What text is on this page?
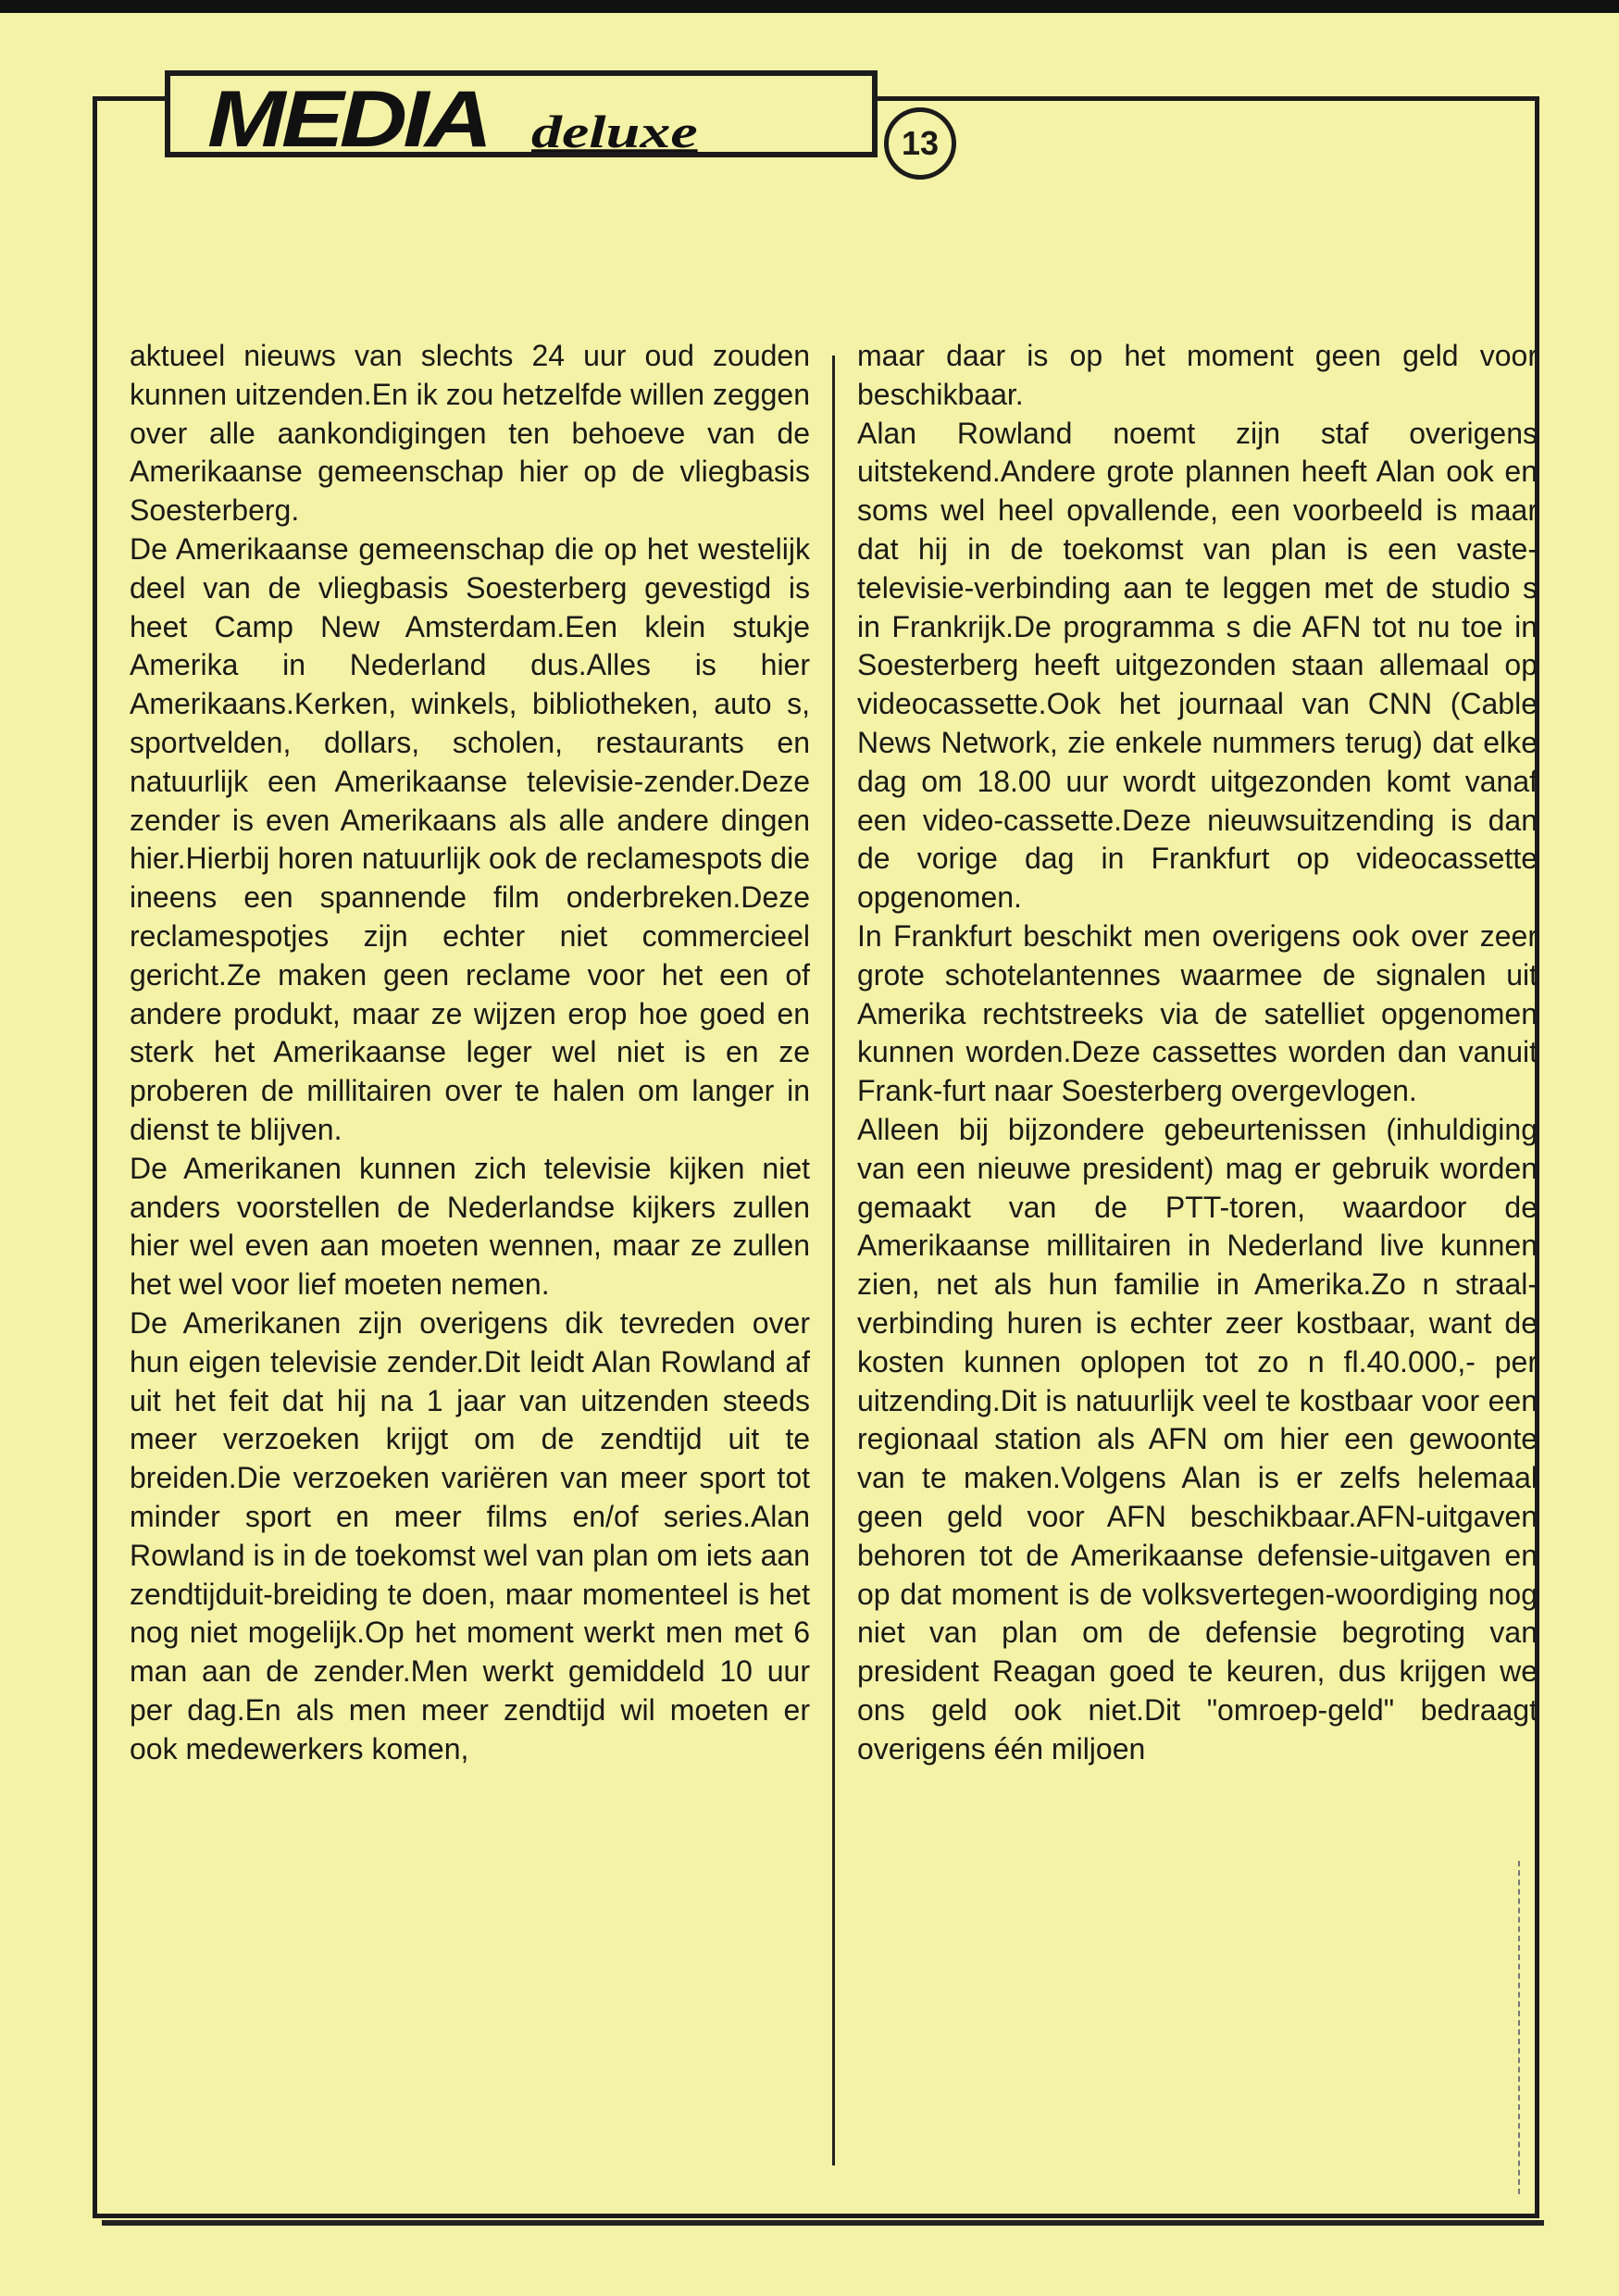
MEDIA deluxe	13

aktueel nieuws van slechts 24 uur oud zouden kunnen uitzenden.En ik zou hetzelfde willen zeggen over alle aankondigingen ten behoeve van de Amerikaanse gemeenschap hier op de vliegbasis Soesterberg.

De Amerikaanse gemeenschap die op het westelijk deel van de vliegbasis Soesterberg gevestigd is heet Camp New Amsterdam.Een klein stukje Amerika in Nederland dus.Alles is hier Amerikaans.Kerken, winkels, bibliotheken, auto s, sportvelden, dollars, scholen, restaurants en natuurlijk een Amerikaanse televisie-zender.Deze zender is even Amerikaans als alle andere dingen hier.Hierbij horen natuurlijk ook de reclamespots die ineens een spannende film onderbreken.Deze reclamespotjes zijn echter niet commercieel gericht.Ze maken geen reclame voor het een of andere produkt, maar ze wijzen erop hoe goed en sterk het Amerikaanse leger wel niet is en ze proberen de millitairen over te halen om langer in dienst te blijven.

De Amerikanen kunnen zich televisie kijken niet anders voorstellen de Nederlandse kijkers zullen hier wel even aan moeten wennen, maar ze zullen het wel voor lief moeten nemen.

De Amerikanen zijn overigens dik tevreden over hun eigen televisie zender.Dit leidt Alan Rowland af uit het feit dat hij na 1 jaar van uitzenden steeds meer verzoeken krijgt om de zendtijd uit te breiden.Die verzoeken variëren van meer sport tot minder sport en meer films en/of series.Alan Rowland is in de toekomst wel van plan om iets aan zendtijduit-breiding te doen, maar momenteel is het nog niet mogelijk.Op het moment werkt men met 6 man aan de zender.Men werkt gemiddeld 10 uur per dag.En als men meer zendtijd wil moeten er ook medewerkers komen,

maar daar is op het moment geen geld voor beschikbaar.

Alan Rowland noemt zijn staf overigens uitstekend.Andere grote plannen heeft Alan ook en soms wel heel opvallende, een voorbeeld is maar dat hij in de toekomst van plan is een vaste-televisie-verbinding aan te leggen met de studio s in Frankrijk.De programma s die AFN tot nu toe in Soesterberg heeft uitgezonden staan allemaal op videocassette.Ook het journaal van CNN (Cable News Network, zie enkele nummers terug) dat elke dag om 18.00 uur wordt uitgezonden komt vanaf een video-cassette.Deze nieuwsuitzending is dan de vorige dag in Frankfurt op videocassette opgenomen.

In Frankfurt beschikt men overigens ook over zeer grote schotelantennes waarmee de signalen uit Amerika rechtstreeks via de satelliet opgenomen kunnen worden.Deze cassettes worden dan vanuit Frank-furt naar Soesterberg overgevlogen.

Alleen bij bijzondere gebeurtenissen (inhuldiging van een nieuwe president) mag er gebruik worden gemaakt van de PTT-toren, waardoor de Amerikaanse millitairen in Nederland live kunnen zien, net als hun familie in Amerika.Zo n straal-verbinding huren is echter zeer kostbaar, want de kosten kunnen oplopen tot zo n fl.40.000,- per uitzending.Dit is natuurlijk veel te kostbaar voor een regionaal station als AFN om hier een gewoonte van te maken.Volgens Alan is er zelfs helemaal geen geld voor AFN beschikbaar.AFN-uitgaven behoren tot de Amerikaanse defensie-uitgaven en op dat moment is de volksvertegen-woordiging nog niet van plan om de defensie begroting van president Reagan goed te keuren, dus krijgen we ons geld ook niet.Dit "omroep-geld" bedraagt overigens één miljoen
